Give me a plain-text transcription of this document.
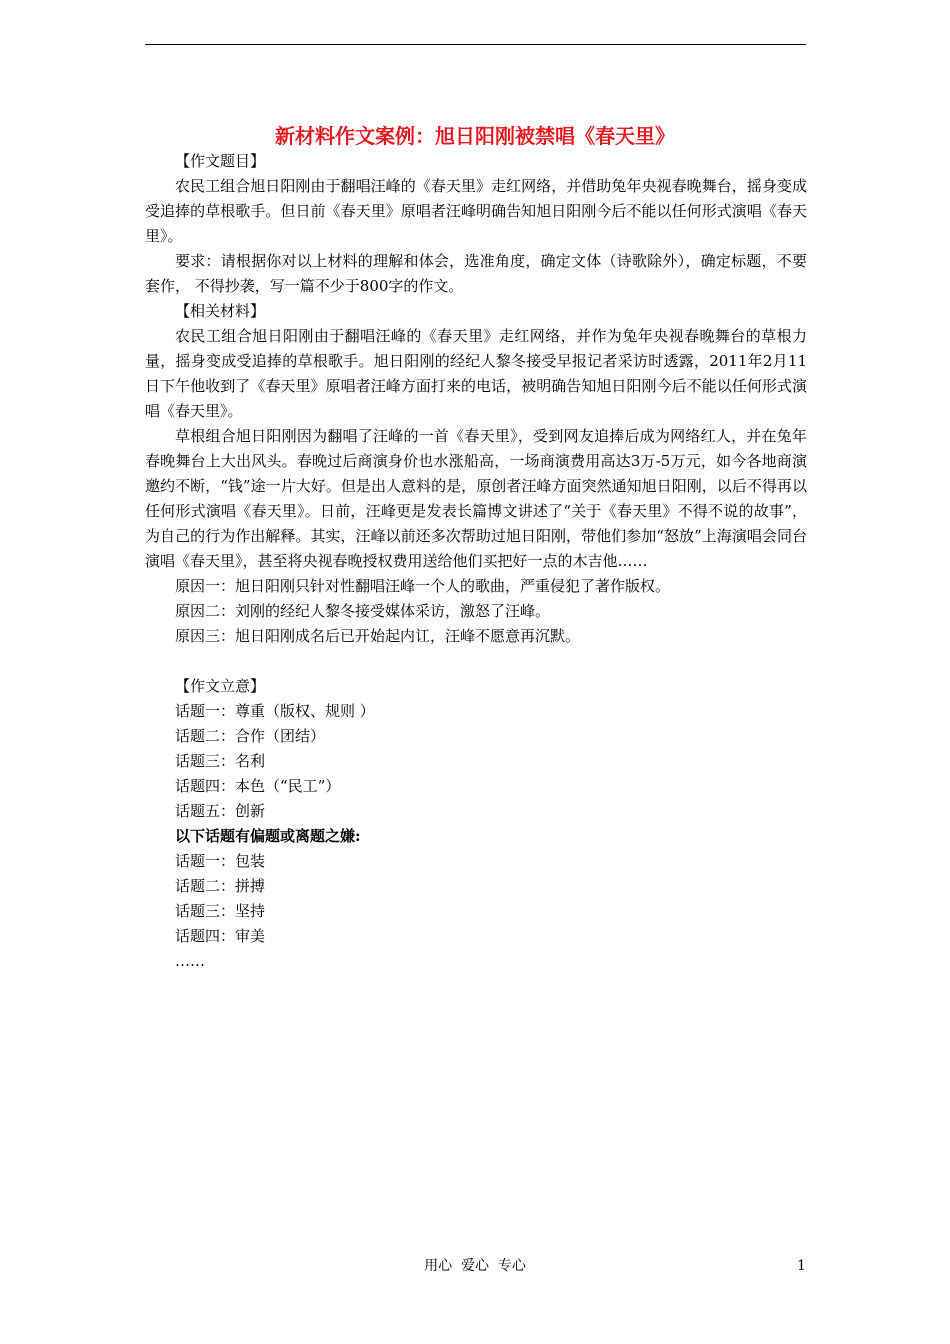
新材料作文案例：旭日阳刚被禁唱《春天里》

【作文题目】

农民工组合旭日阳刚由于翻唱汪峰的《春天里》走红网络，并借助兔年央视春晚舞台，摇身变成受追捧的草根歌手。但日前《春天里》原唱者汪峰明确告知旭日阳刚今后不能以任何形式演唱《春天里》。

要求：请根据你对以上材料的理解和体会，选准角度，确定文体（诗歌除外），确定标题，不要套作， 不得抄袭，写一篇不少于800字的作文。

【相关材料】

农民工组合旭日阳刚由于翻唱汪峰的《春天里》走红网络，并作为兔年央视春晚舞台的草根力量，摇身变成受追捧的草根歌手。旭日阳刚的经纪人黎冬接受早报记者采访时透露，2011年2月11日下午他收到了《春天里》原唱者汪峰方面打来的电话，被明确告知旭日阳刚今后不能以任何形式演唱《春天里》。

草根组合旭日阳刚因为翻唱了汪峰的一首《春天里》，受到网友追捧后成为网络红人，并在兔年春晚舞台上大出风头。春晚过后商演身价也水涨船高，一场商演费用高达3万-5万元，如今各地商演邀约不断，“钱”途一片大好。但是出人意料的是，原创者汪峰方面突然通知旭日阳刚，以后不得再以任何形式演唱《春天里》。日前，汪峰更是发表长篇博文讲述了“关于《春天里》不得不说的故事”，为自己的行为作出解释。其实，汪峰以前还多次帮助过旭日阳刚，带他们参加“怒放”上海演唱会同台演唱《春天里》，甚至将央视春晚授权费用送给他们买把好一点的木吉他……

原因一：旭日阳刚只针对性翻唱汪峰一个人的歌曲，严重侵犯了著作版权。

原因二：刘刚的经纪人黎冬接受媒体采访，激怒了汪峰。

原因三：旭日阳刚成名后已开始起内讧，汪峰不愿意再沉默。

【作文立意】

话题一：尊重（版权、规则 ）

话题二：合作（团结）

话题三：名利

话题四：本色（“民工”）

话题五：创新

以下话题有偏题或离题之嫌:

话题一：包装

话题二：拼搏

话题三：坚持

话题四：审美

……

用心  爱心  专心	1
